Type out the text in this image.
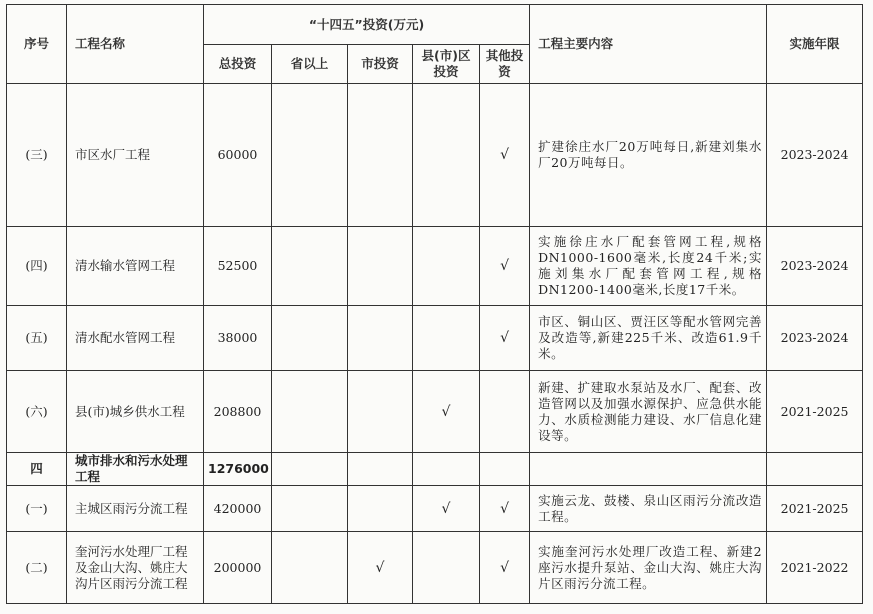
序号	工程名称	“十四五”投资(万元)					工程主要内容	实施年限
		总投资	省以上	市投资	县(市)区投资	其他投资		
(三)	市区水厂工程	60000				√	扩建徐庄水厂20万吨每日,新建刘集水厂20万吨每日。	2023-2024
(四)	清水输水管网工程	52500				√	实施徐庄水厂配套管网工程,规格DN1000-1600毫米,长度24千米;实施刘集水厂配套管网工程,规格DN1200-1400毫米,长度17千米。	2023-2024
(五)	清水配水管网工程	38000				√	市区、铜山区、贾汪区等配水管网完善及改造等,新建225千米、改造61.9千米。	2023-2024
(六)	县(市)城乡供水工程	208800			√		新建、扩建取水泵站及水厂、配套、改造管网以及加强水源保护、应急供水能力、水质检测能力建设、水厂信息化建设等。	2021-2025
四	城市排水和污水处理工程	1276000						
(一)	主城区雨污分流工程	420000			√	√	实施云龙、鼓楼、泉山区雨污分流改造工程。	2021-2025
(二)	奎河污水处理厂工程及金山大沟、姚庄大沟片区雨污分流工程	200000		√		√	实施奎河污水处理厂改造工程、新建2座污水提升泵站、金山大沟、姚庄大沟片区雨污分流工程。	2021-2022
